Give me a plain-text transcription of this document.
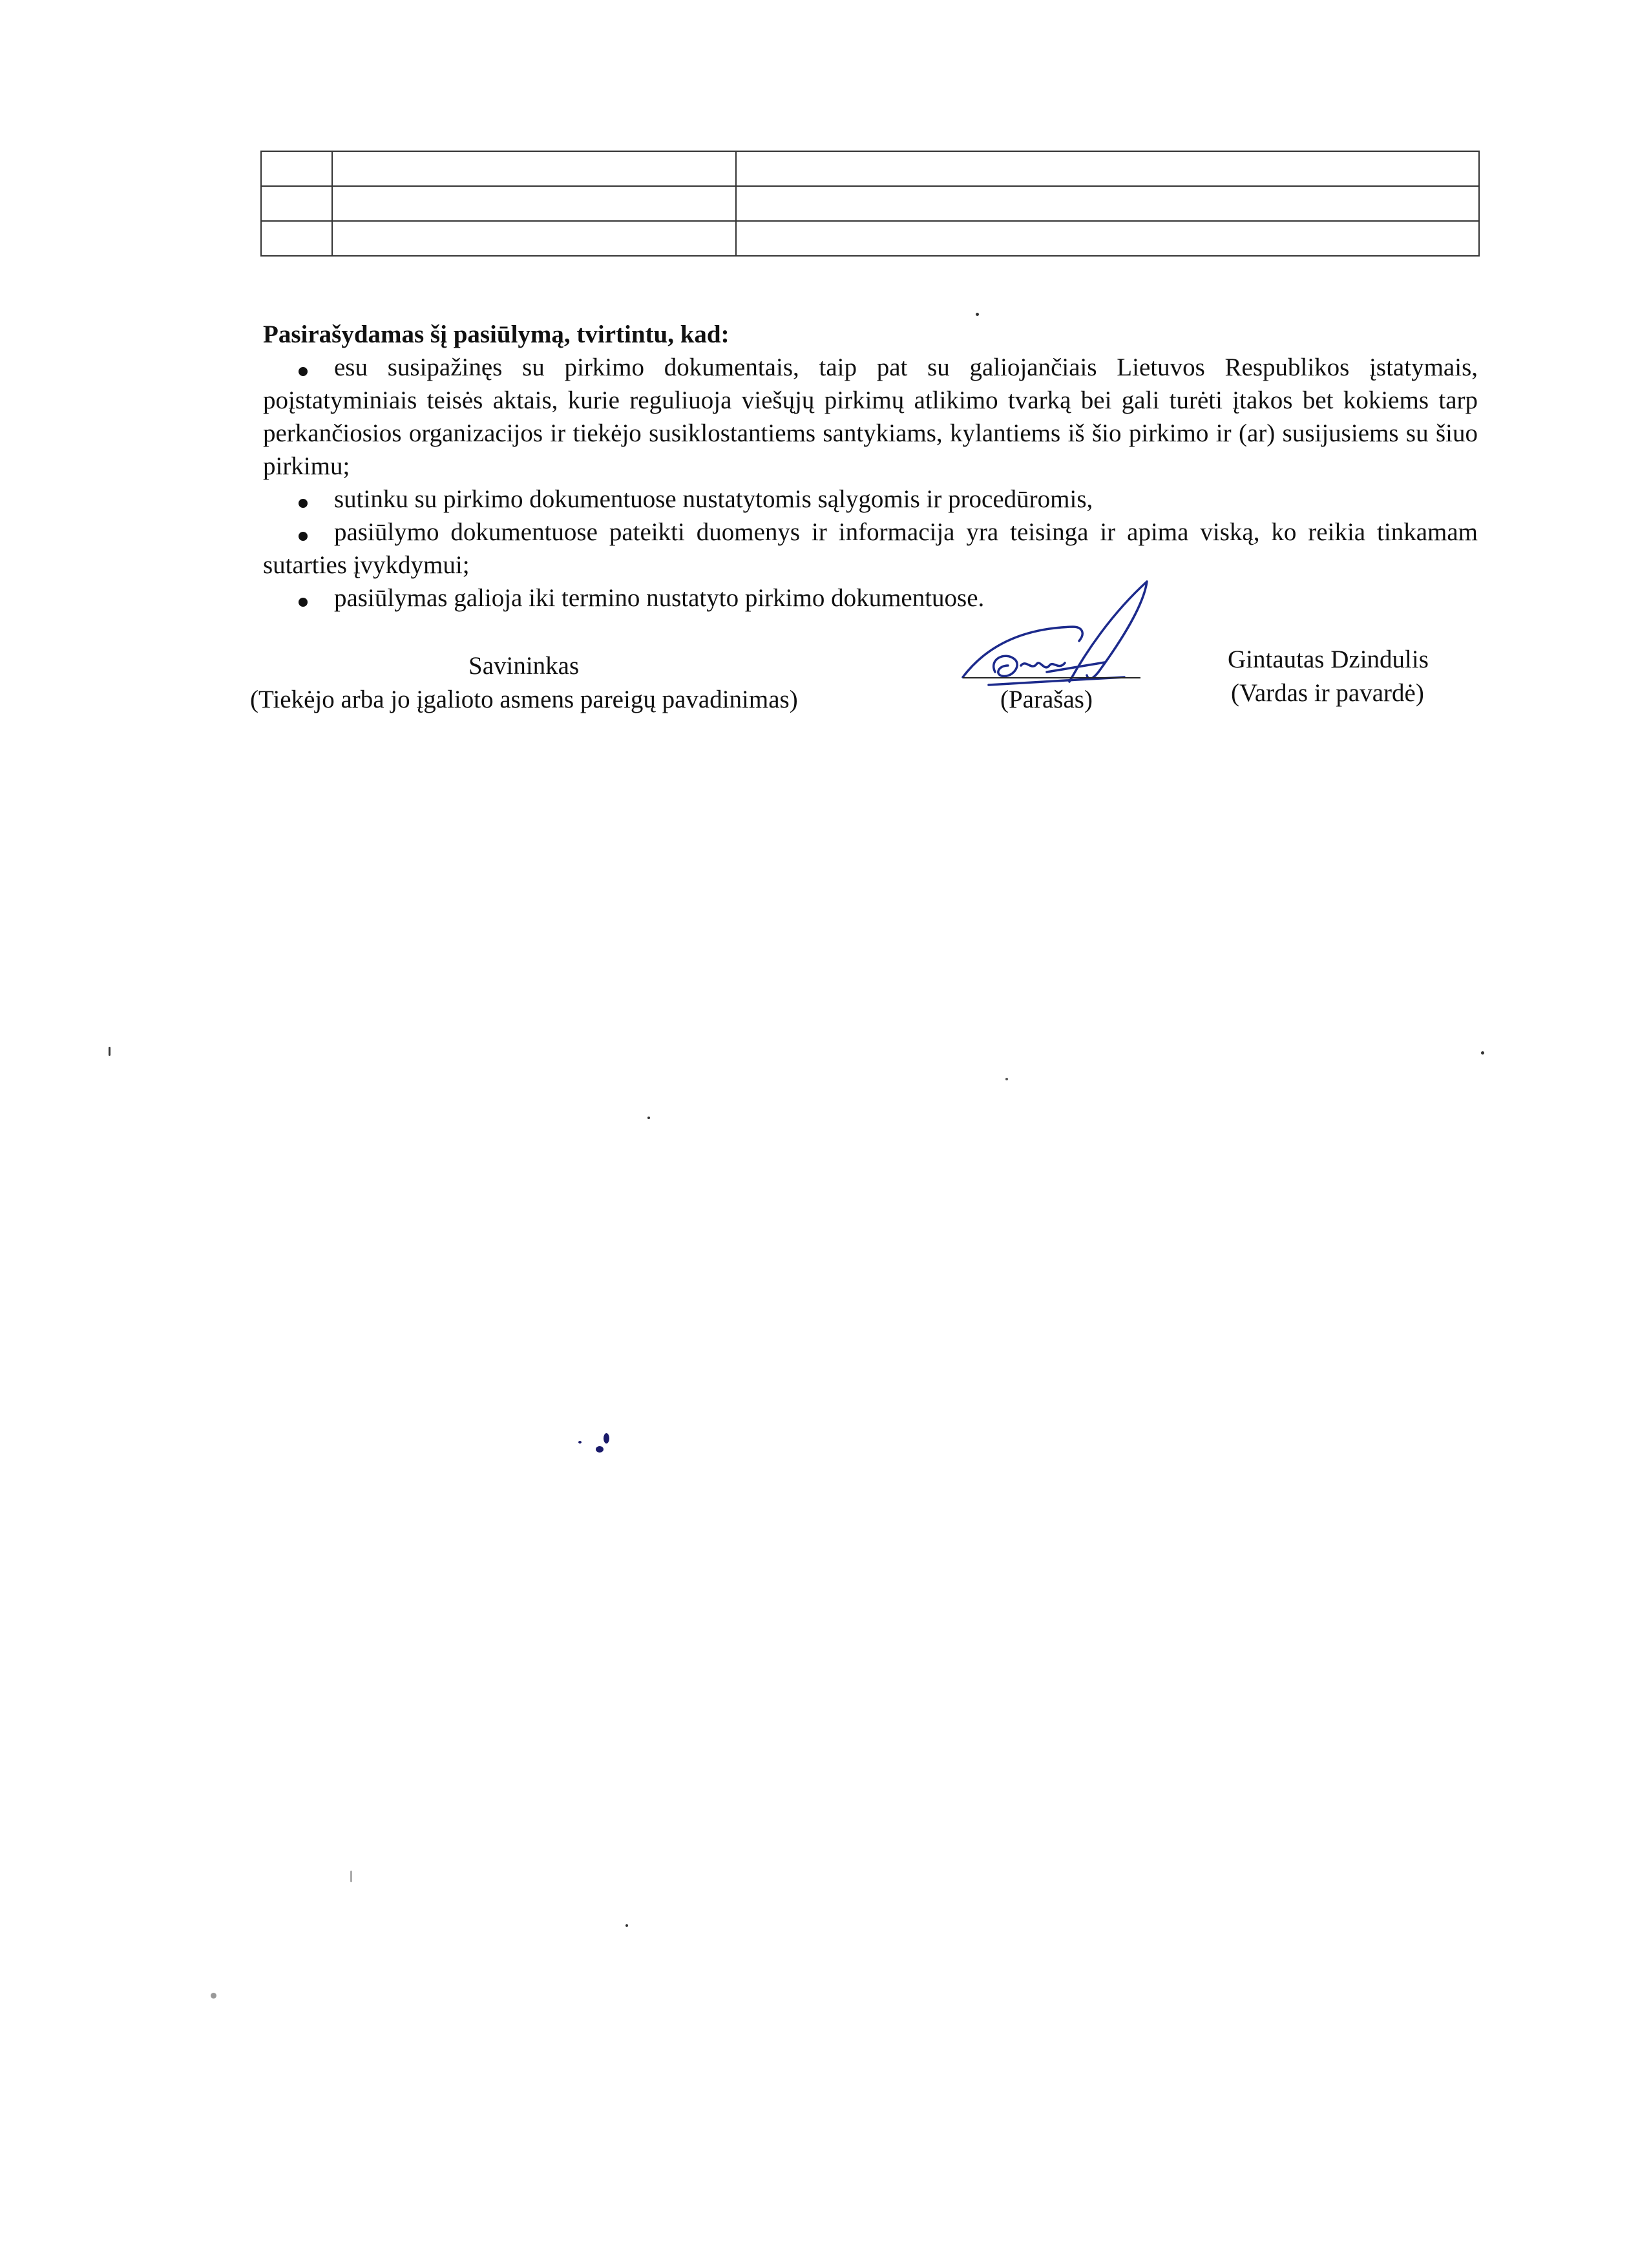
Pasirašydamas šį pasiūlymą, tvirtintu, kad:

esu susipažinęs su pirkimo dokumentais, taip pat su galiojančiais Lietuvos Respublikos įstatymais, poįstatyminiais teisės aktais, kurie reguliuoja viešųjų pirkimų atlikimo tvarką bei gali turėti įtakos bet kokiems tarp perkančiosios organizacijos ir tiekėjo susiklostantiems santykiams, kylantiems iš šio pirkimo ir (ar) susijusiems su šiuo pirkimu;
sutinku su pirkimo dokumentuose nustatytomis sąlygomis ir procedūromis,
pasiūlymo dokumentuose pateikti duomenys ir informacija yra teisinga ir apima viską, ko reikia tinkamam sutarties įvykdymui;
pasiūlymas galioja iki termino nustatyto pirkimo dokumentuose.
Savininkas
(Tiekėjo arba jo įgalioto asmens pareigų pavadinimas)	(Parašas)
Gintautas Dzindulis
(Vardas ir pavardė)
